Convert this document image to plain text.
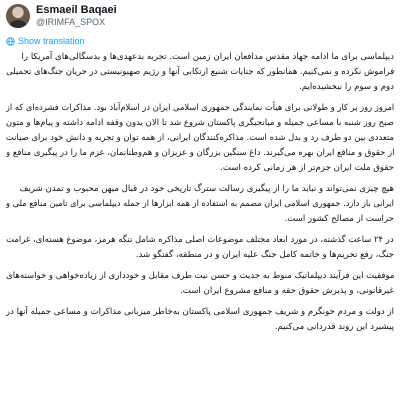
Esmaeil Baqaei
@IRIMFA_SPOX
Show translation

دیپلماسی برای ما ادامه جهاد مقدس مدافعان ایران زمین است. تجربه بدعهدی‌ها و بدسگالی‌های آمریکا را
فراموش نکرده و نمی‌کنیم. همانطور که جنایات شنیع ارتکابی آنها و رژیم صهیونیستی در جریان جنگ‌های تحمیلی
دوم و سوم را نبخشیده‌ایم.

امروز روز پر کار و طولانی برای هیأت نمایندگی جمهوری اسلامی ایران در اسلام‌آباد بود. مذاکرات فشرده‌ای که از
صبح روز شنبه با مساعی جمیله و میانجیگری پاکستان شروع شد تا الان بدون وقفه ادامه داشته و پیام‌ها و متون
متعددی بین دو طرف رد و بدل شده است. مذاکره‌کنندگان ایرانی، از همه توان و تجربه و دانش خود برای صیانت
از حقوق و منافع ایران بهره می‌گیرند. داغ سنگین بزرگان و عزیزان و هم‌وطنانمان، عزم ما را در پیگیری منافع و
حقوق ملت ایران جزم‌تر از هر زمانی کرده است.

هیچ چیزی نمی‌تواند و نباید ما را از پیگیری رسالت سترگ تاریخی خود در قبال میهن محبوب و تمدن شریف
ایرانی باز دارد. جمهوری اسلامی ایران مصمم به استفاده از همه ابزارها از جمله دیپلماسی برای تامین منافع ملی و
حراست از مصالح کشور است.

در ۲۴ ساعت گذشته، در مورد ابعاد مختلف موضوعات اصلی مذاکره شامل تنگه هرمز، موضوع هسته‌ای، غرامت
جنگ، رفع تحریم‌ها و خاتمه کامل جنگ علیه ایران و در منطقه، گفتگو شد.

موفقیت این فرآیند دیپلماتیک منوط به جدیت و حسن نیت طرف مقابل و خودداری از زیاده‌خواهی و خواسته‌های
غیرقانونی، و پذیرش حقوق حقه و منافع مشروع ایران است.

از دولت و مردم خونگرم و شریف جمهوری اسلامی پاکستان به‌خاطر میزبانی مذاکرات و مساعی جمیله آنها در
پیشبرد این روند قدردانی می‌کنیم.
